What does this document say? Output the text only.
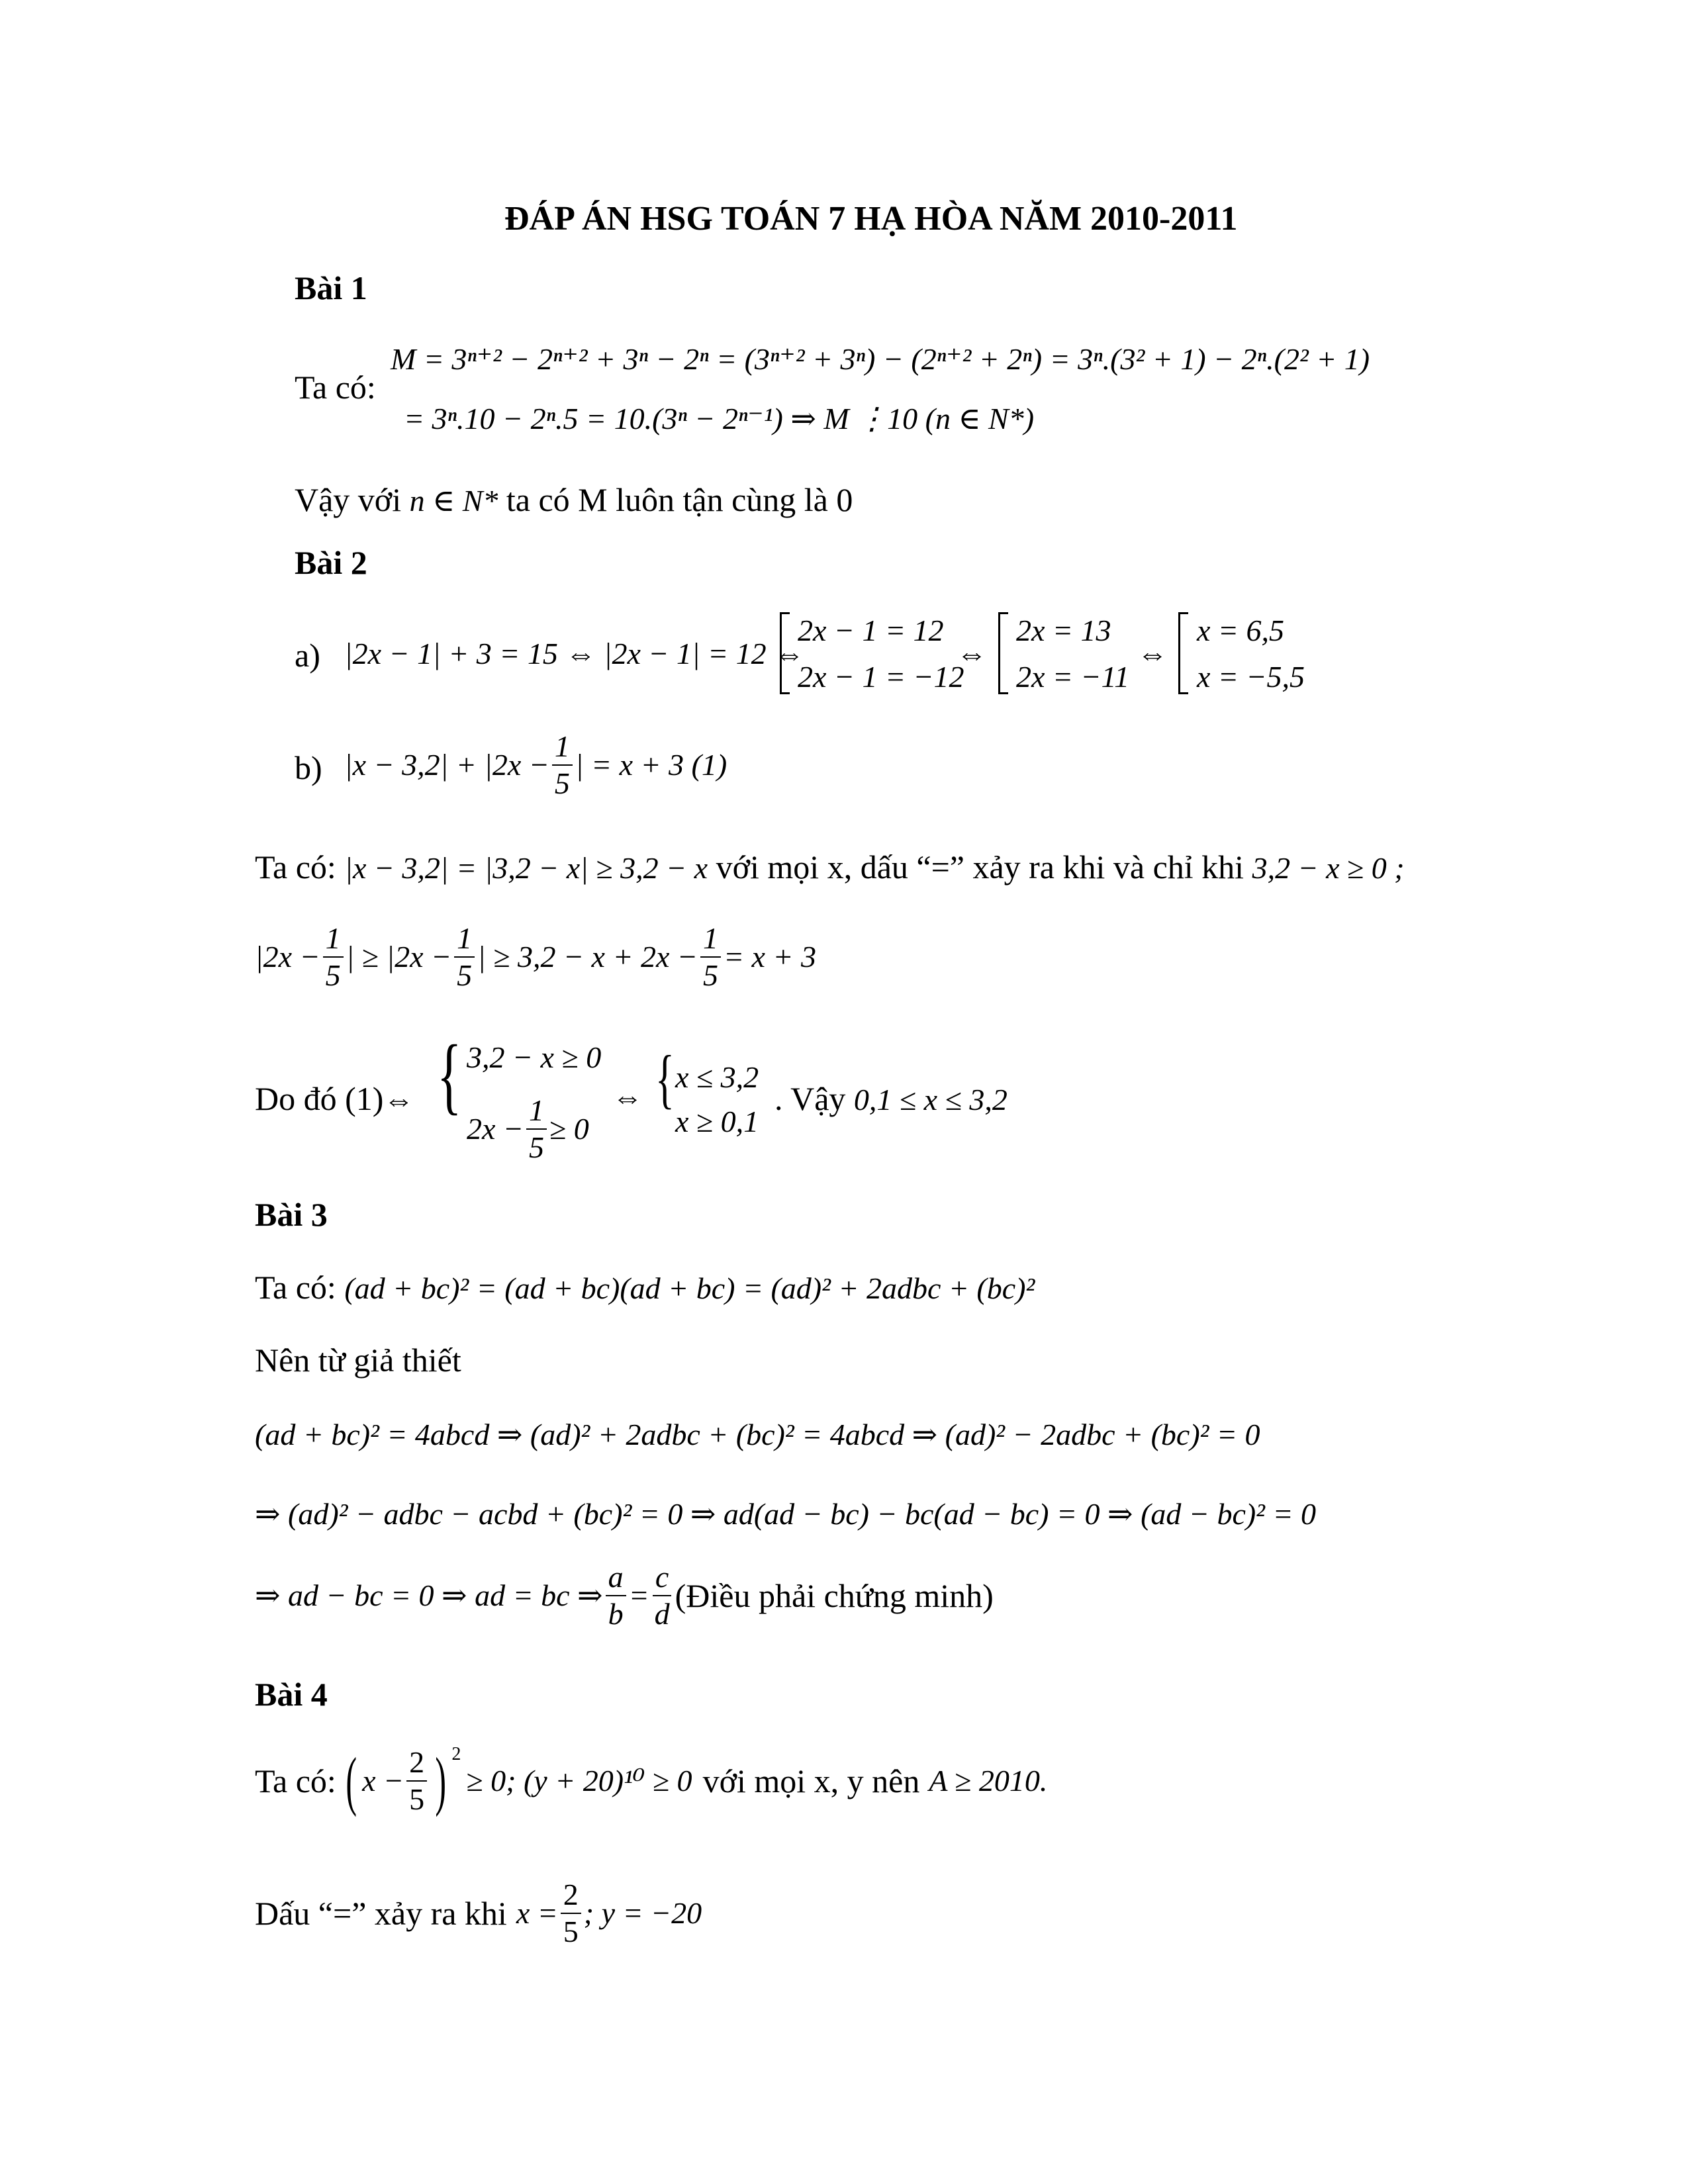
ĐÁP ÁN HSG TOÁN 7 HẠ HÒA NĂM 2010-2011
Bài 1
Ta có:
M = 3ⁿ⁺² − 2ⁿ⁺² + 3ⁿ − 2ⁿ = (3ⁿ⁺² + 3ⁿ) − (2ⁿ⁺² + 2ⁿ) = 3ⁿ.(3² + 1) − 2ⁿ.(2² + 1)
= 3ⁿ.10 − 2ⁿ.5 = 10.(3ⁿ − 2ⁿ⁻¹) ⇒ M ⋮10 (n ∈ N*)
Vậy với n ∈ N* ta có M luôn tận cùng là 0
Bài 2
a) |2x − 1| + 3 = 15 ⇔ |2x − 1| = 12 ⇔
2x − 1 = 12
2x − 1 = −12
⇔
2x = 13
2x = −11
⇔
x = 6,5
x = −5,5
b) $|x - 3,2| + |2x - \frac{1}{5}$ | = x + 3 (1)
Ta có: |x − 3,2| = |3,2 − x| ≥ 3,2 − x với mọi x, dấu “=” xảy ra khi và chỉ khi 3,2 − x ≥ 0 ;
$|2x - \frac{1}{5}$ | ≥ $|2x - \frac{1}{5}$ | ≥ $3,2 - x + 2x - \frac{1}{5} = x + 3$
Do đó (1)⇔ { 3,2 − x ≥ 0
$2x - \frac{1}{5} \ge 0$
⇔ { x ≤ 3,2
x ≥ 0,1
. Vậy 0,1 ≤ x ≤ 3,2
Bài 3
Ta có: (ad + bc)² = (ad + bc)(ad + bc) = (ad)² + 2adbc + (bc)²
Nên từ giả thiết
(ad + bc)² = 4abcd ⇒ (ad)² + 2adbc + (bc)² = 4abcd ⇒ (ad)² − 2adbc + (bc)² = 0
⇒ (ad)² − adbc − acbd + (bc)² = 0 ⇒ ad(ad − bc) − bc(ad − bc) = 0 ⇒ (ad − bc)² = 0
⇒ ad − bc = 0 ⇒ ad = bc ⇒ $\frac{a}{b} = \frac{c}{d}$ (Điều phải chứng minh)
Bài 4
Ta có: ( $x - \frac{2}{5}$ ) 2
≥ 0; (y + 20)¹⁰ ≥ 0 với mọi x, y nên A ≥ 2010.
Dấu “=” xảy ra khi $x = \frac{2}{5}$ ; y = −20
